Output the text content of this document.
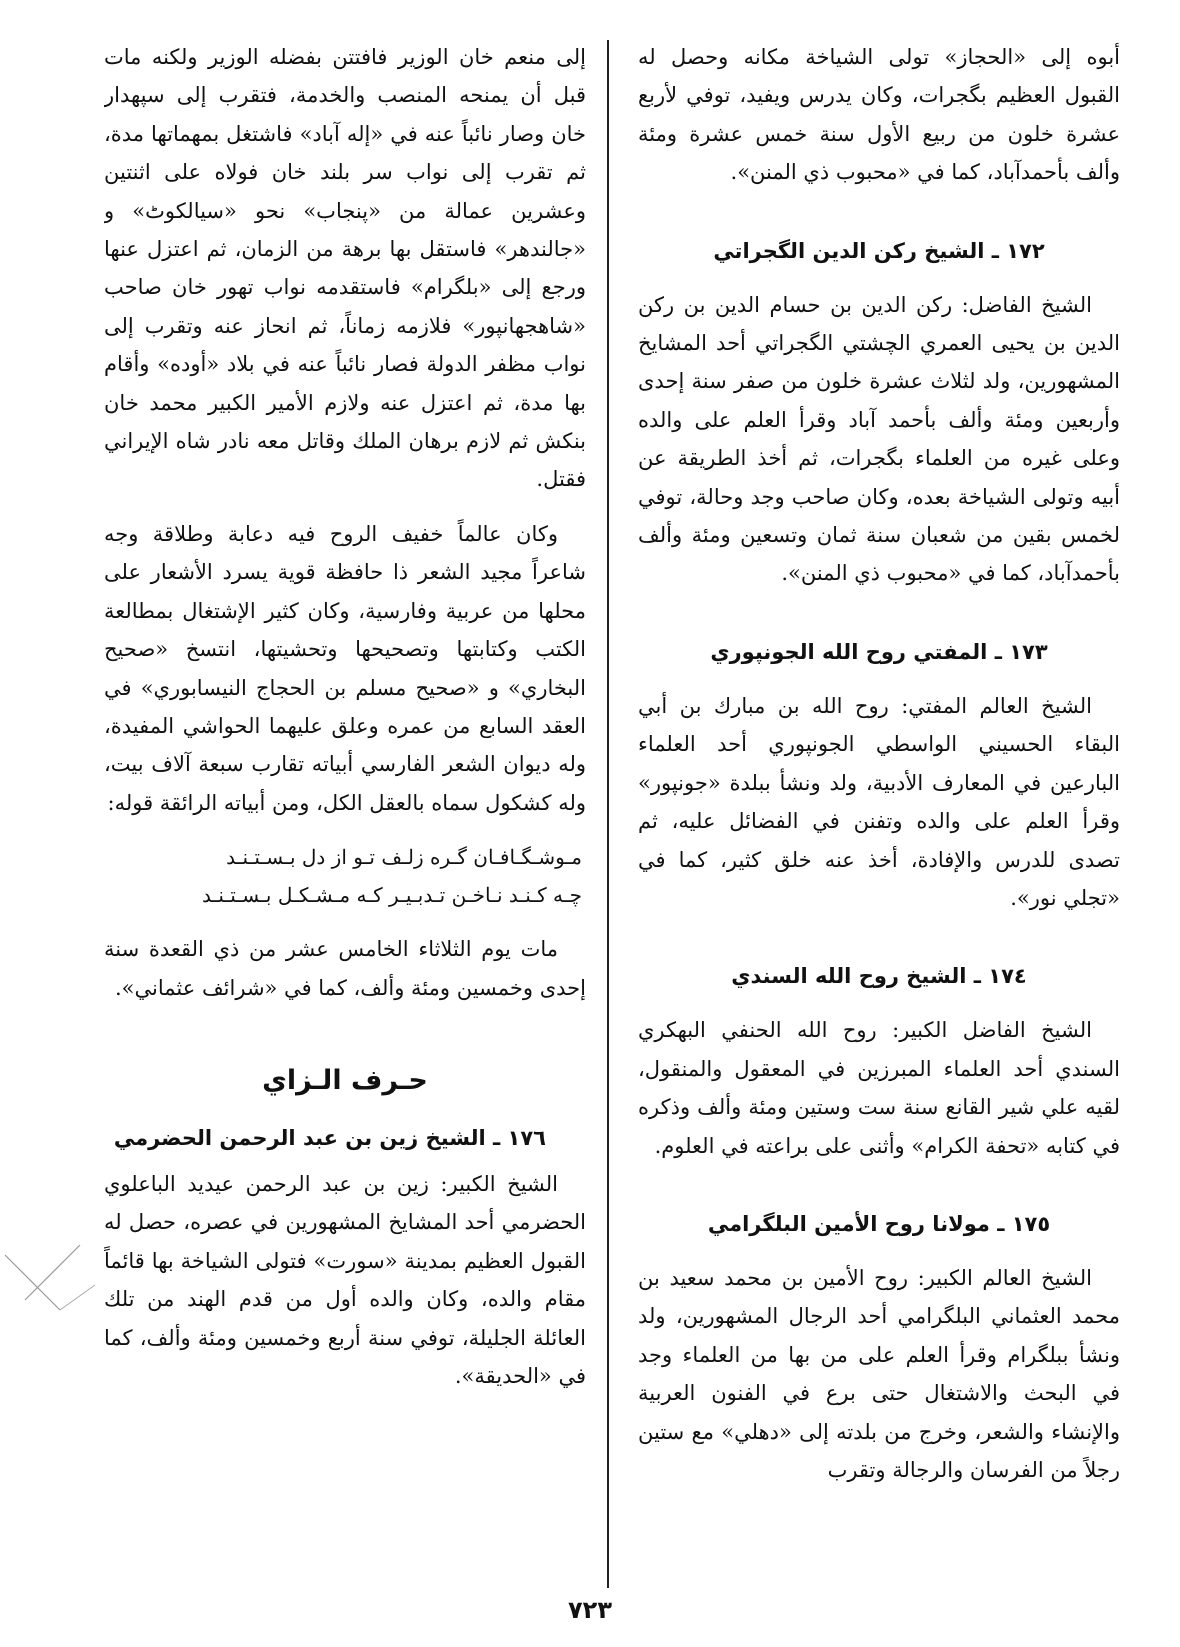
أبوه إلى «الحجاز» تولى الشياخة مكانه وحصل له القبول العظيم بگجرات، وكان يدرس ويفيد، توفي لأربع عشرة خلون من ربيع الأول سنة خمس عشرة ومئة وألف بأحمدآباد، كما في «محبوب ذي المنن».

١٧٢ ـ الشيخ ركن الدين الگجراتي

الشيخ الفاضل: ركن الدين بن حسام الدين بن ركن الدين بن يحيى العمري الچشتي الگجراتي أحد المشايخ المشهورين، ولد لثلاث عشرة خلون من صفر سنة إحدى وأربعين ومئة وألف بأحمد آباد وقرأ العلم على والده وعلى غيره من العلماء بگجرات، ثم أخذ الطريقة عن أبيه وتولى الشياخة بعده، وكان صاحب وجد وحالة، توفي لخمس بقين من شعبان سنة ثمان وتسعين ومئة وألف بأحمدآباد، كما في «محبوب ذي المنن».

١٧٣ ـ المفتي روح الله الجونپوري

الشيخ العالم المفتي: روح الله بن مبارك بن أبي البقاء الحسيني الواسطي الجونپوري أحد العلماء البارعين في المعارف الأدبية، ولد ونشأ ببلدة «جونپور» وقرأ العلم على والده وتفنن في الفضائل عليه، ثم تصدى للدرس والإفادة، أخذ عنه خلق كثير، كما في «تجلي نور».

١٧٤ ـ الشيخ روح الله السندي

الشيخ الفاضل الكبير: روح الله الحنفي البهكري السندي أحد العلماء المبرزين في المعقول والمنقول، لقيه علي شير القانع سنة ست وستين ومئة وألف وذكره في كتابه «تحفة الكرام» وأثنى على براعته في العلوم.

١٧٥ ـ مولانا روح الأمين البلگرامي

الشيخ العالم الكبير: روح الأمين بن محمد سعيد بن محمد العثماني البلگرامي أحد الرجال المشهورين، ولد ونشأ ببلگرام وقرأ العلم على من بها من العلماء وجد في البحث والاشتغال حتى برع في الفنون العربية والإنشاء والشعر، وخرج من بلدته إلى «دهلي» مع ستين رجلاً من الفرسان والرجالة وتقرب

إلى منعم خان الوزير فافتتن بفضله الوزير ولكنه مات قبل أن يمنحه المنصب والخدمة، فتقرب إلى سپهدار خان وصار نائباً عنه في «إله آباد» فاشتغل بمهماتها مدة، ثم تقرب إلى نواب سر بلند خان فولاه على اثنتين وعشرين عمالة من «پنجاب» نحو «سيالكوٹ» و «جالندهر» فاستقل بها برهة من الزمان، ثم اعتزل عنها ورجع إلى «بلگرام» فاستقدمه نواب تهور خان صاحب «شاهجهانپور» فلازمه زماناً، ثم انحاز عنه وتقرب إلى نواب مظفر الدولة فصار نائباً عنه في بلاد «أوده» وأقام بها مدة، ثم اعتزل عنه ولازم الأمير الكبير محمد خان بنكش ثم لازم برهان الملك وقاتل معه نادر شاه الإيراني فقتل.

وكان عالماً خفيف الروح فيه دعابة وطلاقة وجه شاعراً مجيد الشعر ذا حافظة قوية يسرد الأشعار على محلها من عربية وفارسية، وكان كثير الإشتغال بمطالعة الكتب وكتابتها وتصحيحها وتحشيتها، انتسخ «صحيح البخاري» و «صحيح مسلم بن الحجاج النيسابوري» في العقد السابع من عمره وعلق عليهما الحواشي المفيدة، وله ديوان الشعر الفارسي أبياته تقارب سبعة آلاف بيت، وله كشكول سماه بالعقل الكل، ومن أبياته الرائقة قوله:

مـوشـگـافـان گـره زلـف تـو از دل بـسـتـنـد

چـه كـنـد نـاخـن تـدبـيـر كـه مـشـكـل بـسـتـنـد

مات يوم الثلاثاء الخامس عشر من ذي القعدة سنة إحدى وخمسين ومئة وألف، كما في «شرائف عثماني».

حـرف الـزاي
١٧٦ ـ الشيخ زين بن عبد الرحمن الحضرمي

الشيخ الكبير: زين بن عبد الرحمن عيديد الباعلوي الحضرمي أحد المشايخ المشهورين في عصره، حصل له القبول العظيم بمدينة «سورت» فتولى الشياخة بها قائماً مقام والده، وكان والده أول من قدم الهند من تلك العائلة الجليلة، توفي سنة أربع وخمسين ومئة وألف، كما في «الحديقة».

٧٢٣
